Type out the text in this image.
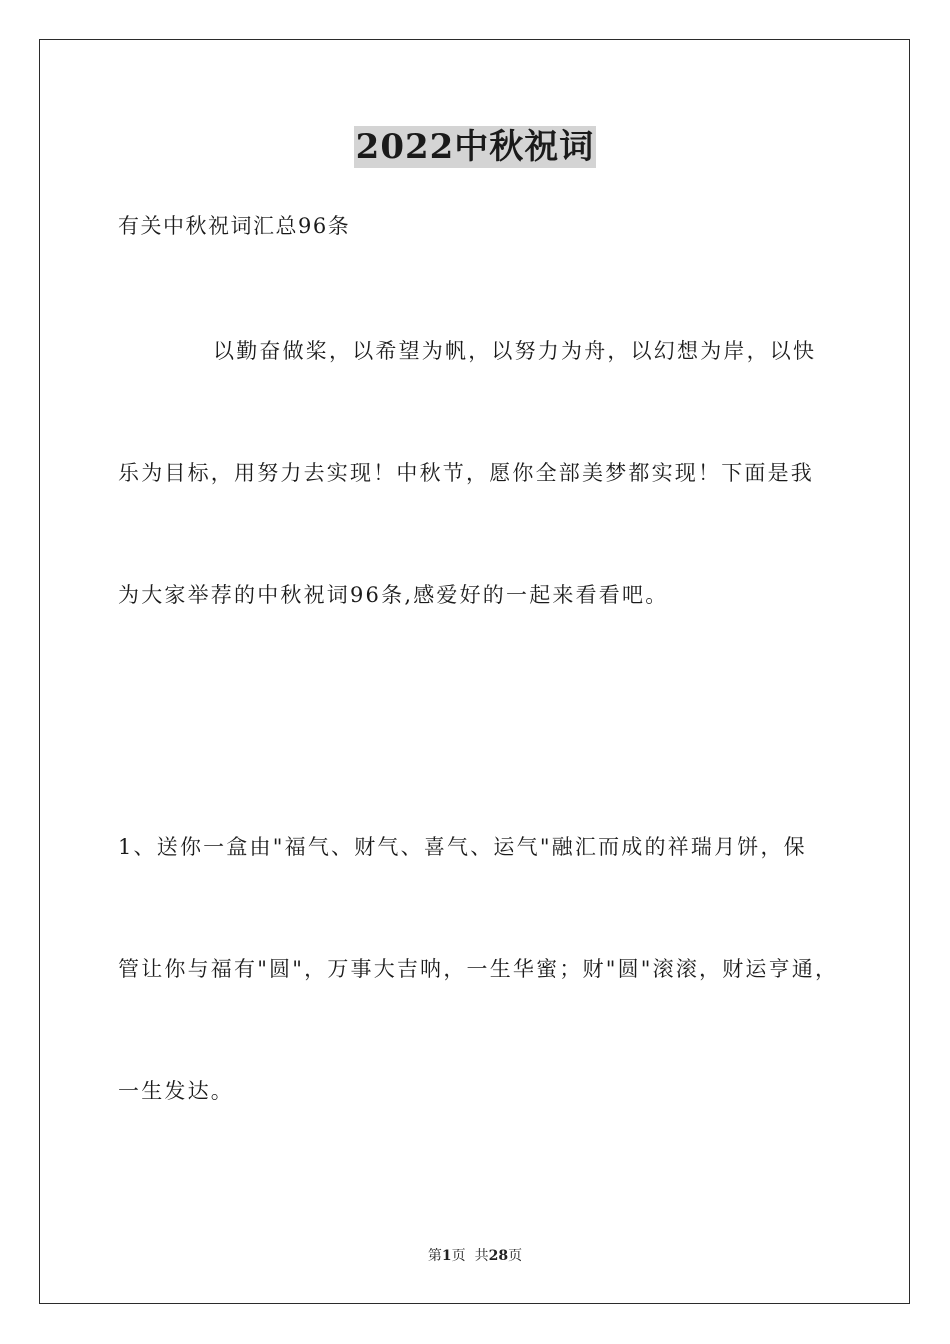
2022中秋祝词
有关中秋祝词汇总96条
以勤奋做桨，以希望为帆，以努力为舟，以幻想为岸，以快
乐为目标，用努力去实现！中秋节，愿你全部美梦都实现！下面是我
为大家举荐的中秋祝词96条,感爱好的一起来看看吧。
1、送你一盒由"福气、财气、喜气、运气"融汇而成的祥瑞月饼，保
管让你与福有"圆"，万事大吉呐，一生华蜜；财"圆"滚滚，财运亨通，
一生发达。
第1页  共28页
